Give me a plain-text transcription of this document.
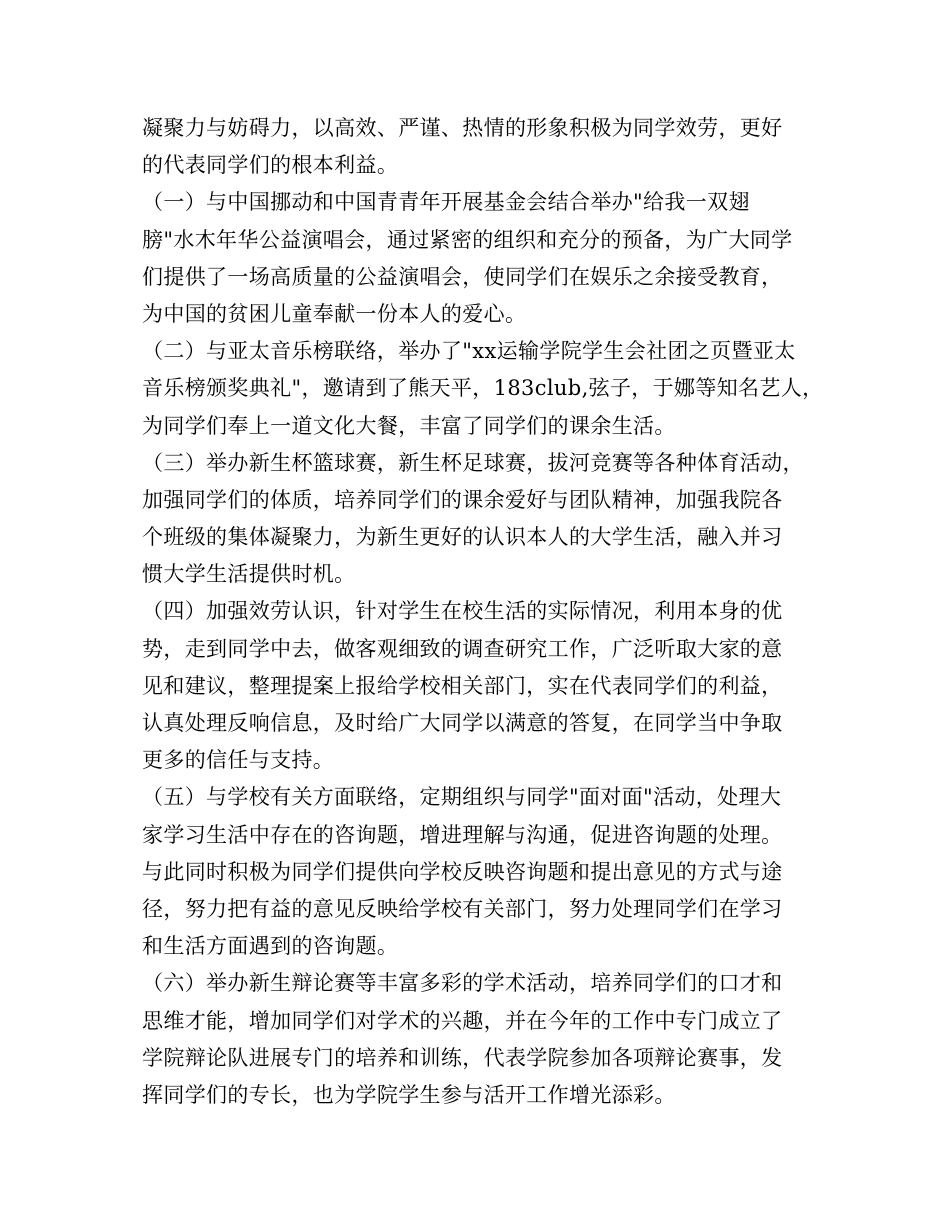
凝聚力与妨碍力，以高效、严谨、热情的形象积极为同学效劳，更好
的代表同学们的根本利益。
（一）与中国挪动和中国青青年开展基金会结合举办"给我一双翅
膀"水木年华公益演唱会，通过紧密的组织和充分的预备，为广大同学
们提供了一场高质量的公益演唱会，使同学们在娱乐之余接受教育，
为中国的贫困儿童奉献一份本人的爱心。
（二）与亚太音乐榜联络，举办了"xx运输学院学生会社团之页暨亚太
音乐榜颁奖典礼"，邀请到了熊天平，183club,弦子，于娜等知名艺人，
为同学们奉上一道文化大餐，丰富了同学们的课余生活。
（三）举办新生杯篮球赛，新生杯足球赛，拔河竞赛等各种体育活动，
加强同学们的体质，培养同学们的课余爱好与团队精神，加强我院各
个班级的集体凝聚力，为新生更好的认识本人的大学生活，融入并习
惯大学生活提供时机。
（四）加强效劳认识，针对学生在校生活的实际情况，利用本身的优
势，走到同学中去，做客观细致的调查研究工作，广泛听取大家的意
见和建议，整理提案上报给学校相关部门，实在代表同学们的利益，
认真处理反响信息，及时给广大同学以满意的答复，在同学当中争取
更多的信任与支持。
（五）与学校有关方面联络，定期组织与同学"面对面"活动，处理大
家学习生活中存在的咨询题，增进理解与沟通，促进咨询题的处理。
与此同时积极为同学们提供向学校反映咨询题和提出意见的方式与途
径，努力把有益的意见反映给学校有关部门，努力处理同学们在学习
和生活方面遇到的咨询题。
（六）举办新生辩论赛等丰富多彩的学术活动，培养同学们的口才和
思维才能，增加同学们对学术的兴趣，并在今年的工作中专门成立了
学院辩论队进展专门的培养和训练，代表学院参加各项辩论赛事，发
挥同学们的专长，也为学院学生参与活开工作增光添彩。
